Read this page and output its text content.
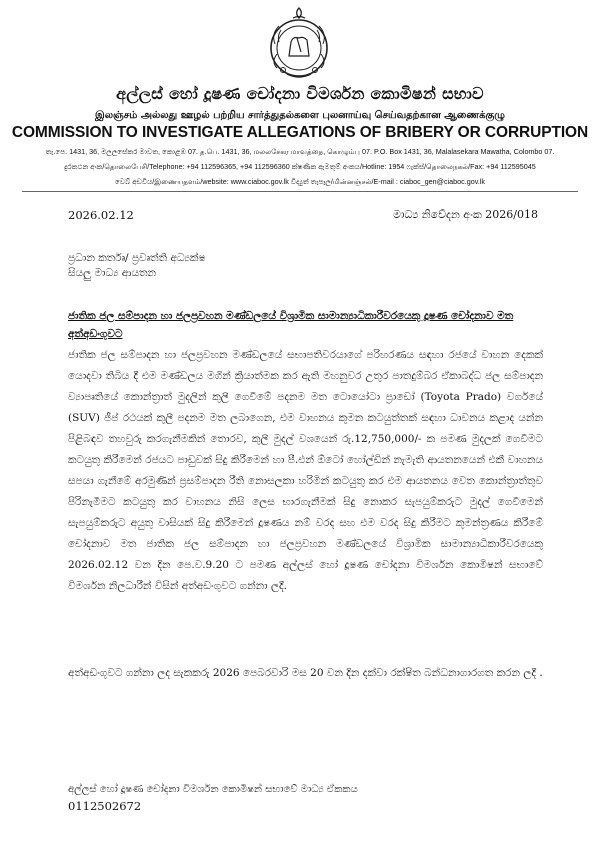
අල්ලස් හෝ දූෂණ චෝදනා විමර්ශන කොමිෂන් සභාව
இலஞ்சம் அல்லது ஊழல் பற்றிய சார்த்துதல்களை புலனாய்வு செய்வதற்கான ஆணைக்குழு
COMMISSION TO INVESTIGATE ALLEGATIONS OF BRIBERY OR CORRUPTION
තැ.පෙ. 1431, 36, මලලසේකර මාවත, කොළඹ 07. த.பெ. 1431, 36, மலலசேகர மாவத்தை, கொழும்பு 07. P.O. Box 1431, 36, Malalasekara Mawatha, Colombo 07.
දුරකථන අංක/தொலைபேசி/Telephone: +94 112596365, +94 112596360 ක්ෂණික ඇමතුම් අංකය/Hotline: 1954 ෆැක්ස්/தொலைநகல்/Fax: +94 112595045
වෙබ් අඩවිය/இணையதளம்/website: www.ciaboc.gov.lk විද්‍යුත් තැපෑල/மின்னஞ்சல்/E-mail : ciaboc_gen@ciaboc.gov.lk
2026.02.12	මාධ්‍ය නිවේදන අංක 2026/018
ප්‍රධාන කර්තෘ/ ප්‍රවෘත්ති අධ්‍යක්ෂ
සියලු මාධ්‍ය ආයතන
ජාතික ජල සම්පාදන හා ජලප්‍රවහන මණ්ඩලයේ විශ්‍රාමික සාමාන්‍යාධිකාරීවරයෙකු දූෂණ චෝදනාව මත අත්අඩංගුවට
ජාතික ජල සම්පාදන හා ජලප්‍රවහන මණ්ඩලයේ සභාපතිවරයාගේ පරිහරණය සඳහා රජයේ වාහන දෙකක් යොදවා තිබිය දී එම මණ්ඩලය මගින් ක්‍රියාත්මක කර ඇති මහනුවර උතුර පාතදුම්බර ඒකාබද්ධ ජල සම්පාදන ව්‍යාපෘතියේ කොන්ත්‍රාත් මුදලින් කුලී ගෙවීමේ පදනම මත ටොයෝටා ප්‍රාඩෝ (Toyota Prado) වර්ගයේ (SUV) ජීප් රථයක් කුලී පදනම මත ලබාගෙන, එම වාහනය කුමන කටයුත්තක් සඳහා ධාවනය කළාද යන්න පිළිබඳව තහවුරු කරගැනීමකින් තොරව, කුලී මුදල් වශයෙන් රු.12,750,000/- ක පමණ මුදලක් ගෙවීමට කටයුතු කිරීමෙන් රජයට පාඩුවක් සිදු කිරීමෙන් හා පී.එන් ඕටෝ හෝල්ඩින් නැමැති ආයතනයෙන් එකී වාහනය සපයා ගැනීමේ අරමුණින් ප්‍රසම්පාදන රීති නොසලකා හරිමින් කටයුතු කර එම ආයතනය වෙත කොන්ත්‍රාත්තුව පිරිනැමීමට කටයුතු කර වාහනය නිසි ලෙස භාරගැනීමක් සිදු නොකර සැපයුම්කරුට මුදල් ගෙවීමෙන් සැපයුම්කරුට අයුතු වාසියක් සිදු කිරීමෙන් දූෂණය නම් වරද සහ එම වරද සිදු කිරීමට කුමන්ත්‍රණය කිරීමේ චෝදනාව මත ජාතික ජල සම්පාදන හා ජලප්‍රවහන මණ්ඩලයේ විශ්‍රාමික සාමාන්‍යාධිකාරීවරයෙකු 2026.02.12 වන දින පෙ.ව.9.20 ට පමණ අල්ලස් හෝ දූෂණ චෝදනා විමර්ශන කොමිෂන් සභාවේ විමර්ශන නිලධාරීන් විසින් අත්අඩංගුවට ගන්නා ලදී.
අත්අඩංගුවට ගන්නා ලද සැකකරු 2026 පෙබරවාරි මස 20 වන දින දක්වා රක්ෂිත බන්ධනාගාරගත කරන ලදී .
අල්ලස් හෝ දූෂණ චෝදනා විමර්ශන කොමිෂන් සභාවේ මාධ්‍ය ඒකකය
0112502672
